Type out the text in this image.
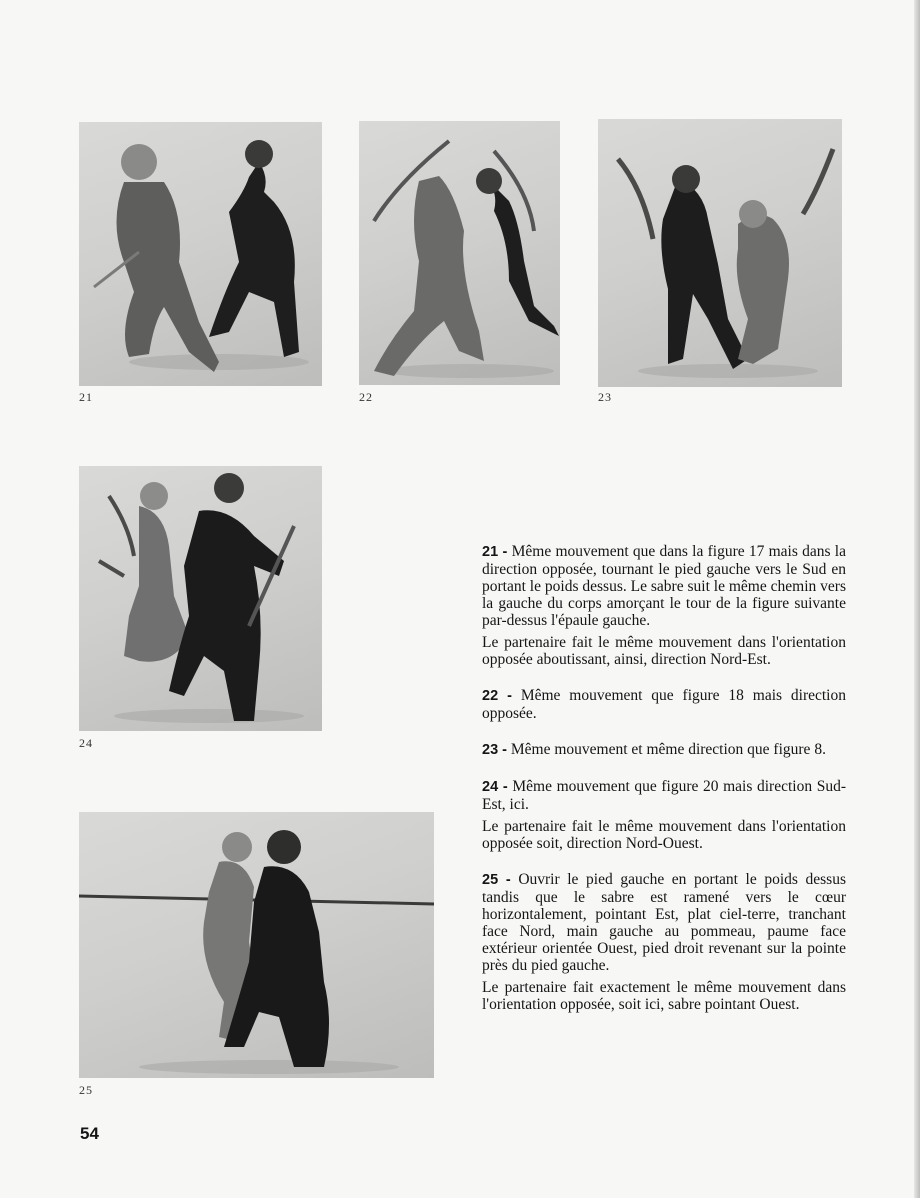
21	22	23
24
25

21 - Même mouvement que dans la figure 17 mais dans la direction opposée, tournant le pied gauche vers le Sud en portant le poids dessus. Le sabre suit le même chemin vers la gauche du corps amorçant le tour de la figure suivante par-dessus l'épaule gauche.

Le partenaire fait le même mouvement dans l'orientation opposée aboutissant, ainsi, direction Nord-Est.

22 - Même mouvement que figure 18 mais direction opposée.

23 - Même mouvement et même direction que figure 8.

24 - Même mouvement que figure 20 mais direction Sud-Est, ici.

Le partenaire fait le même mouvement dans l'orientation opposée soit, direction Nord-Ouest.

25 - Ouvrir le pied gauche en portant le poids dessus tandis que le sabre est ramené vers le cœur horizontalement, pointant Est, plat ciel-terre, tranchant face Nord, main gauche au pommeau, paume face extérieur orientée Ouest, pied droit revenant sur la pointe près du pied gauche.

Le partenaire fait exactement le même mouvement dans l'orientation opposée, soit ici, sabre pointant Ouest.

54
